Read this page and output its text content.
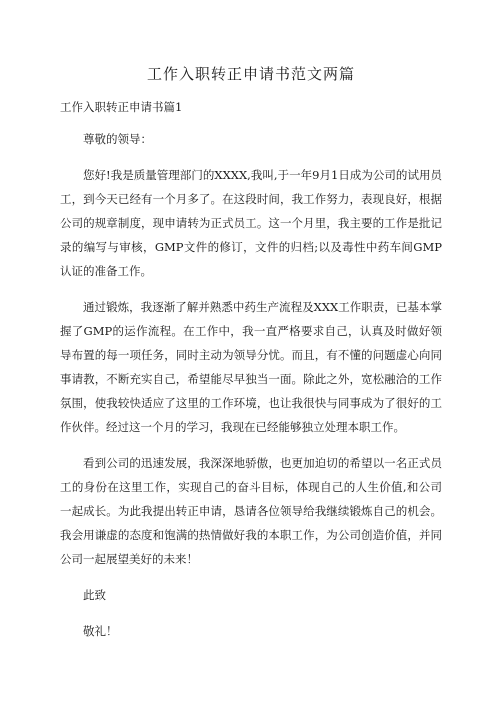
工作入职转正申请书范文两篇

工作入职转正申请书篇1

尊敬的领导：

您好!我是质量管理部门的XXXX,我叫,于一年9月1日成为公司的试用员工，到今天已经有一个月多了。在这段时间，我工作努力，表现良好，根据公司的规章制度，现申请转为正式员工。这一个月里，我主要的工作是批记录的编写与审核，GMP文件的修订，文件的归档;以及毒性中药车间GMP认证的准备工作。

通过锻炼，我逐渐了解并熟悉中药生产流程及XXX工作职责，已基本掌握了GMP的运作流程。在工作中，我一直严格要求自己，认真及时做好领导布置的每一项任务，同时主动为领导分忧。而且，有不懂的问题虚心向同事请教，不断充实自己，希望能尽早独当一面。除此之外，宽松融洽的工作氛围，使我较快适应了这里的工作环境，也让我很快与同事成为了很好的工作伙伴。经过这一个月的学习，我现在已经能够独立处理本职工作。

看到公司的迅速发展，我深深地骄傲，也更加迫切的希望以一名正式员工的身份在这里工作，实现自己的奋斗目标，体现自己的人生价值,和公司一起成长。为此我提出转正申请，恳请各位领导给我继续锻炼自己的机会。我会用谦虚的态度和饱满的热情做好我的本职工作，为公司创造价值，并同公司一起展望美好的未来！

此致

敬礼！
